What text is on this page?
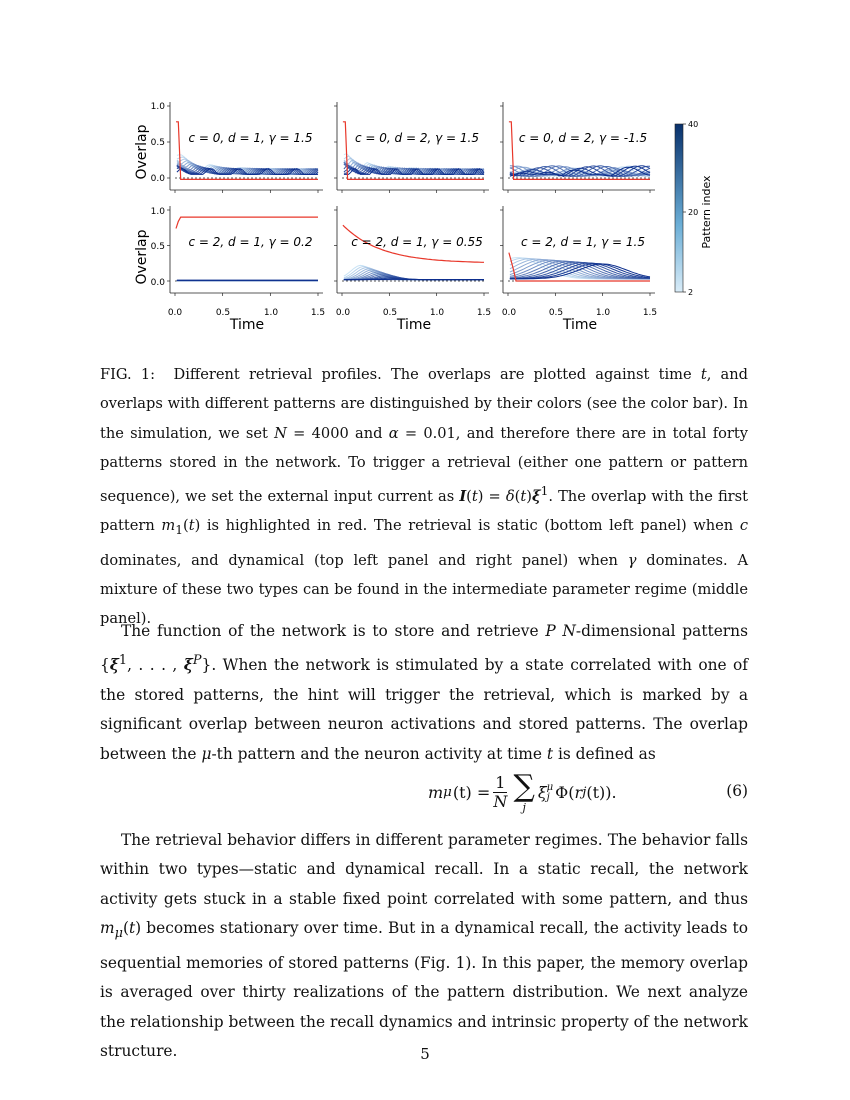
c = 0, d = 1, γ = 1.5	c = 0, d = 2, γ = 1.5	c = 0, d = 2, γ = -1.5
c = 2, d = 1, γ = 0.2	c = 2, d = 1, γ = 0.55	c = 2, d = 1, γ = 1.5
Overlap
Overlap
1.0
0.5
0.0
1.0
0.5
0.0
0.0	0.5	1.0	1.5 0.0	0.5	1.0	1.5 0.0	0.5	1.0	1.5
Time	Time	Time
40
20
2
Pattern index

FIG. 1: Different retrieval profiles. The overlaps are plotted against time t, and overlaps with different patterns are distinguished by their colors (see the color bar). In the simulation, we set N = 4000 and α = 0.01, and therefore there are in total forty patterns stored in the network. To trigger a retrieval (either one pattern or pattern sequence), we set the external input current as $I(t) = \delta(t)\xi^1$. The overlap with the first pattern $m_1(t)$ is highlighted in red. The retrieval is static (bottom left panel) when c dominates, and dynamical (top left panel and right panel) when γ dominates. A mixture of these two types can be found in the intermediate parameter regime (middle panel).

The function of the network is to store and retrieve P N-dimensional patterns {$\xi^1$, . . . , $\xi^P$}. When the network is stimulated by a state correlated with one of the stored patterns, the hint will trigger the retrieval, which is marked by a significant overlap between neuron activations and stored patterns. The overlap between the μ-th pattern and the neuron activity at time t is defined as

m μ $(t) = \frac{1}{N}$ ∑
j
ξ μ
j Φ( r j (t)).	(6)

The retrieval behavior differs in different parameter regimes. The behavior falls within two types—static and dynamical recall. In a static recall, the network activity gets stuck in a stable fixed point correlated with some pattern, and thus $m_\mu(t)$ becomes stationary over time. But in a dynamical recall, the activity leads to sequential memories of stored patterns (Fig. 1). In this paper, the memory overlap is averaged over thirty realizations of the pattern distribution. We next analyze the relationship between the recall dynamics and intrinsic property of the network structure.	5
